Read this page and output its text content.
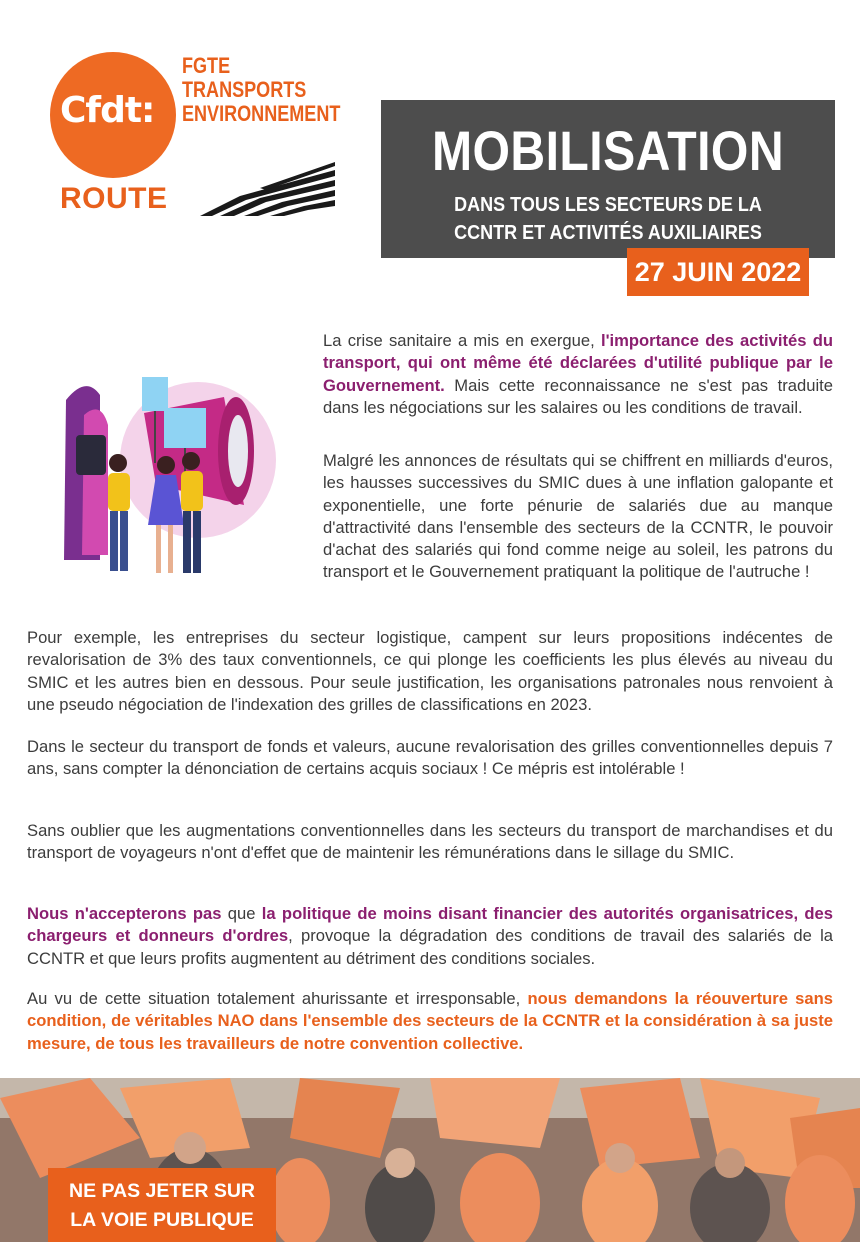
Cfdt:
FGTE
TRANSPORTS
ENVIRONNEMENT
ROUTE
MOBILISATION
DANS TOUS LES SECTEURS DE LA
CCNTR ET ACTIVITÉS AUXILIAIRES
27 JUIN 2022

La crise sanitaire a mis en exergue, l'importance des activités du transport, qui ont même été déclarées d'utilité publique par le Gouvernement. Mais cette reconnaissance ne s'est pas traduite dans les négociations sur les salaires ou les conditions de travail.

Malgré les annonces de résultats qui se chiffrent en milliards d'euros, les hausses successives du SMIC dues à une inflation galopante et exponentielle, une forte pénurie de salariés due au manque d'attractivité dans l'ensemble des secteurs de la CCNTR, le pouvoir d'achat des salariés qui fond comme neige au soleil, les patrons du transport et le Gouvernement pratiquant la politique de l'autruche !

Pour exemple, les entreprises du secteur logistique, campent sur leurs propositions indécentes de revalorisation de 3% des taux conventionnels, ce qui plonge les coefficients les plus élevés au niveau du SMIC et les autres bien en dessous. Pour seule justification, les organisations patronales nous renvoient à une pseudo négociation de l'indexation des grilles de classifications en 2023.

Dans le secteur du transport de fonds et valeurs, aucune revalorisation des grilles conventionnelles depuis 7 ans, sans compter la dénonciation de certains acquis sociaux ! Ce mépris est intolérable !

Sans oublier que les augmentations conventionnelles dans les secteurs du transport de marchandises et du transport de voyageurs n'ont d'effet que de maintenir les rémunérations dans le sillage du SMIC.

Nous n'accepterons pas que la politique de moins disant financier des autorités organisatrices, des chargeurs et donneurs d'ordres, provoque la dégradation des conditions de travail des salariés de la CCNTR et que leurs profits augmentent au détriment des conditions sociales.

Au vu de cette situation totalement ahurissante et irresponsable, nous demandons la réouverture sans condition, de véritables NAO dans l'ensemble des secteurs de la CCNTR et la considération à sa juste mesure, de tous les travailleurs de notre convention collective.

NE PAS JETER SUR
LA VOIE PUBLIQUE
